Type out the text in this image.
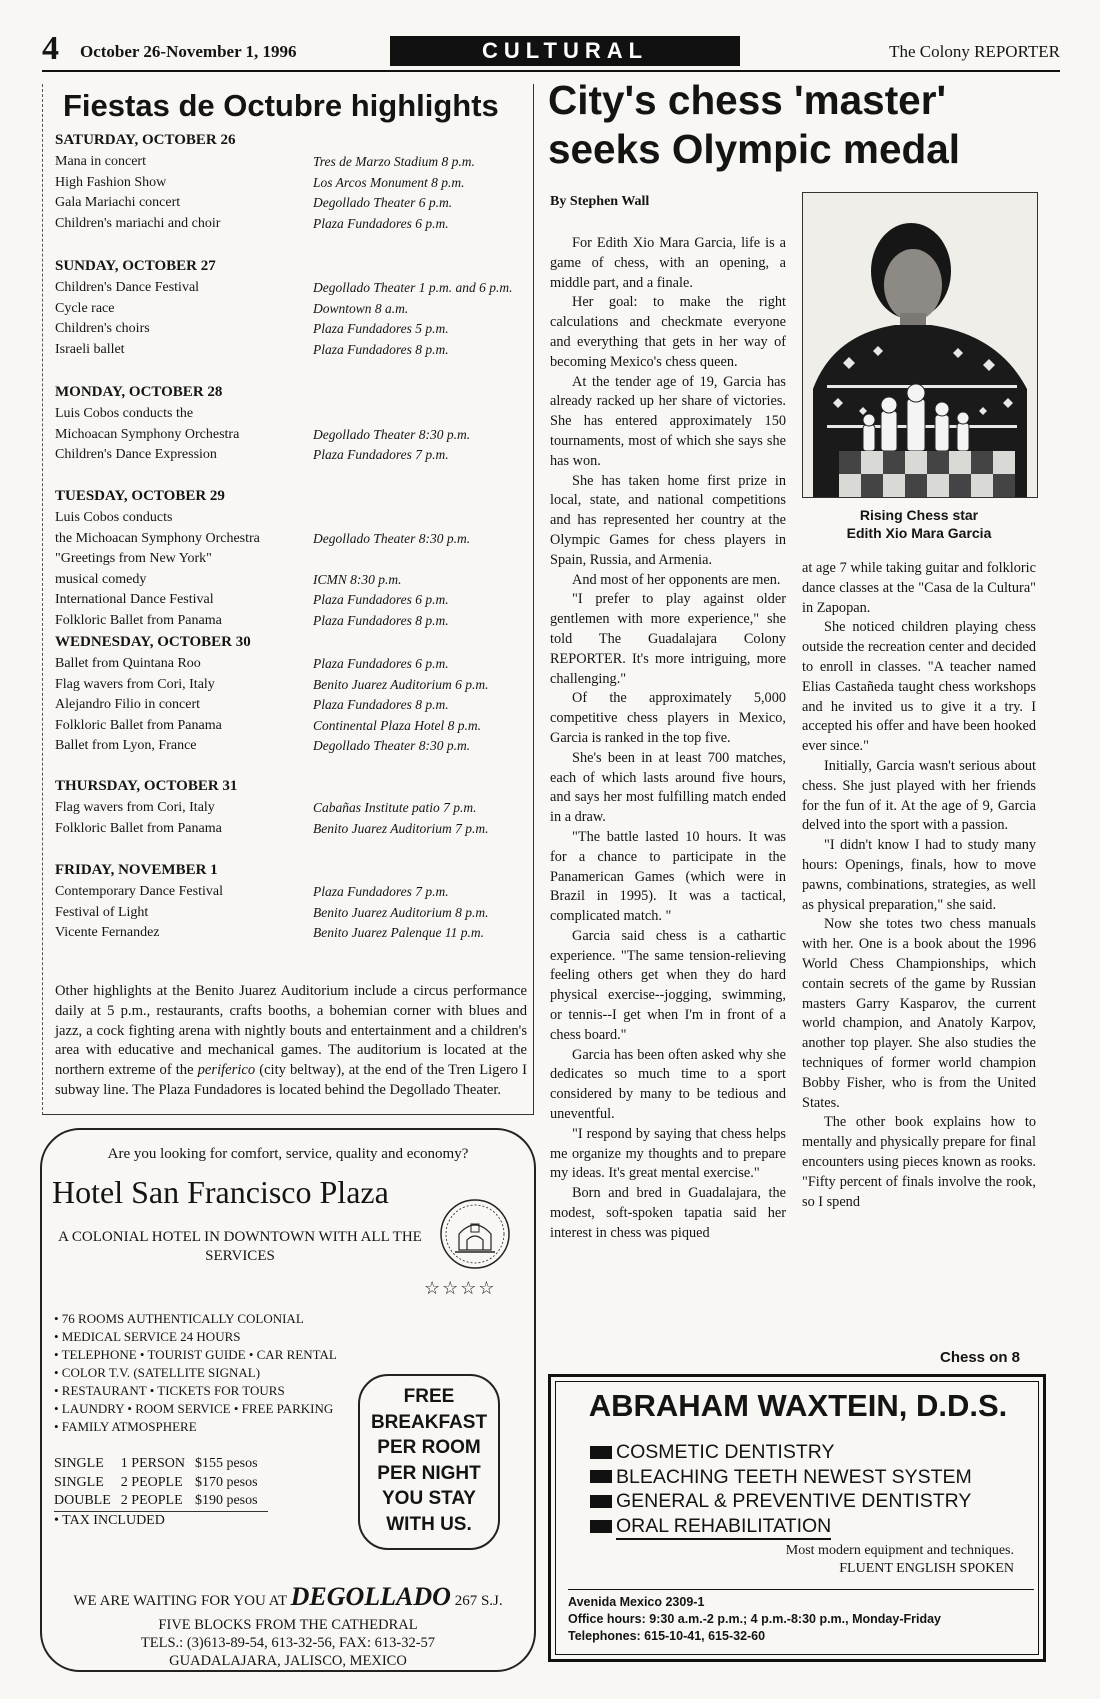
4 October 26-November 1, 1996	CULTURAL	The Colony REPORTER
Fiestas de Octubre highlights
SATURDAY, OCTOBER 26
Mana in concert	Tres de Marzo Stadium 8 p.m.
High Fashion Show	Los Arcos Monument 8 p.m.
Gala Mariachi concert	Degollado Theater 6 p.m.
Children's mariachi and choir	Plaza Fundadores 6 p.m.
SUNDAY, OCTOBER 27
Children's Dance Festival	Degollado Theater 1 p.m. and 6 p.m.
Cycle race	Downtown 8 a.m.
Children's choirs	Plaza Fundadores 5 p.m.
Israeli ballet	Plaza Fundadores 8 p.m.
MONDAY, OCTOBER 28
Luis Cobos conducts the
Michoacan Symphony Orchestra	Degollado Theater 8:30 p.m.
Children's Dance Expression	Plaza Fundadores 7 p.m.
TUESDAY, OCTOBER 29
Luis Cobos conducts
the Michoacan Symphony Orchestra	Degollado Theater 8:30 p.m.
"Greetings from New York"
musical comedy	ICMN 8:30 p.m.
International Dance Festival	Plaza Fundadores 6 p.m.
Folkloric Ballet from Panama	Plaza Fundadores 8 p.m.
WEDNESDAY, OCTOBER 30
Ballet from Quintana Roo	Plaza Fundadores 6 p.m.
Flag wavers from Cori, Italy	Benito Juarez Auditorium 6 p.m.
Alejandro Filio in concert	Plaza Fundadores 8 p.m.
Folkloric Ballet from Panama	Continental Plaza Hotel 8 p.m.
Ballet from Lyon, France	Degollado Theater 8:30 p.m.
THURSDAY, OCTOBER 31
Flag wavers from Cori, Italy	Cabañas Institute patio 7 p.m.
Folkloric Ballet from Panama	Benito Juarez Auditorium 7 p.m.
FRIDAY, NOVEMBER 1
Contemporary Dance Festival	Plaza Fundadores 7 p.m.
Festival of Light	Benito Juarez Auditorium 8 p.m.
Vicente Fernandez	Benito Juarez Palenque 11 p.m.
Other highlights at the Benito Juarez Auditorium include a circus performance daily at 5 p.m., restaurants, crafts booths, a bohemian corner with blues and jazz, a cock fighting arena with nightly bouts and entertainment and a children's area with educative and mechanical games. The auditorium is located at the northern extreme of the periferico (city beltway), at the end of the Tren Ligero I subway line. The Plaza Fundadores is located behind the Degollado Theater.
Are you looking for comfort, service, quality and economy?
Hotel San Francisco Plaza
A COLONIAL HOTEL IN DOWNTOWN WITH ALL THE SERVICES
☆☆☆☆
• 76 ROOMS AUTHENTICALLY COLONIAL
• MEDICAL SERVICE 24 HOURS
• TELEPHONE • TOURIST GUIDE • CAR RENTAL
• COLOR T.V. (SATELLITE SIGNAL)
• RESTAURANT • TICKETS FOR TOURS
• LAUNDRY • ROOM SERVICE • FREE PARKING
• FAMILY ATMOSPHERE
SINGLE	1 PERSON	$155 pesos
SINGLE	2 PEOPLE	$170 pesos
DOUBLE	2 PEOPLE	$190 pesos
• TAX INCLUDED		
FREE
BREAKFAST
PER ROOM
PER NIGHT
YOU STAY
WITH US.
WE ARE WAITING FOR YOU AT DEGOLLADO 267 S.J.
FIVE BLOCKS FROM THE CATHEDRAL
TELS.: (3)613-89-54, 613-32-56, FAX: 613-32-57
GUADALAJARA, JALISCO, MEXICO
City's chess 'master' seeks Olympic medal
By Stephen Wall

For Edith Xio Mara Garcia, life is a game of chess, with an opening, a middle part, and a finale.

Her goal: to make the right calculations and checkmate everyone and everything that gets in her way of becoming Mexico's chess queen.

At the tender age of 19, Garcia has already racked up her share of victories. She has entered approximately 150 tournaments, most of which she says she has won.

She has taken home first prize in local, state, and national competitions and has represented her country at the Olympic Games for chess players in Spain, Russia, and Armenia.

And most of her opponents are men.

"I prefer to play against older gentlemen with more experience," she told The Guadalajara Colony REPORTER. It's more intriguing, more challenging."

Of the approximately 5,000 competitive chess players in Mexico, Garcia is ranked in the top five.

She's been in at least 700 matches, each of which lasts around five hours, and says her most fulfilling match ended in a draw.

"The battle lasted 10 hours. It was for a chance to participate in the Panamerican Games (which were in Brazil in 1995). It was a tactical, complicated match. "

Garcia said chess is a cathartic experience. "The same tension-relieving feeling others get when they do hard physical exercise--jogging, swimming, or tennis--I get when I'm in front of a chess board."

Garcia has been often asked why she dedicates so much time to a sport considered by many to be tedious and uneventful.

"I respond by saying that chess helps me organize my thoughts and to prepare my ideas. It's great mental exercise."

Born and bred in Guadalajara, the modest, soft-spoken tapatia said her interest in chess was piqued

Rising Chess star
Edith Xio Mara Garcia

at age 7 while taking guitar and folkloric dance classes at the "Casa de la Cultura" in Zapopan.

She noticed children playing chess outside the recreation center and decided to enroll in classes. "A teacher named Elias Castañeda taught chess workshops and he invited us to give it a try. I accepted his offer and have been hooked ever since."

Initially, Garcia wasn't serious about chess. She just played with her friends for the fun of it. At the age of 9, Garcia delved into the sport with a passion.

"I didn't know I had to study many hours: Openings, finals, how to move pawns, combinations, strategies, as well as physical preparation," she said.

Now she totes two chess manuals with her. One is a book about the 1996 World Chess Championships, which contain secrets of the game by Russian masters Garry Kasparov, the current world champion, and Anatoly Karpov, another top player. She also studies the techniques of former world champion Bobby Fisher, who is from the United States.

The other book explains how to mentally and physically prepare for final encounters using pieces known as rooks. "Fifty percent of finals involve the rook, so I spend

Chess on 8
ABRAHAM WAXTEIN, D.D.S.
COSMETIC DENTISTRY
BLEACHING TEETH NEWEST SYSTEM
GENERAL & PREVENTIVE DENTISTRY
ORAL REHABILITATION
Most modern equipment and techniques.
FLUENT ENGLISH SPOKEN
Avenida Mexico 2309-1
Office hours: 9:30 a.m.-2 p.m.; 4 p.m.-8:30 p.m., Monday-Friday
Telephones: 615-10-41, 615-32-60
